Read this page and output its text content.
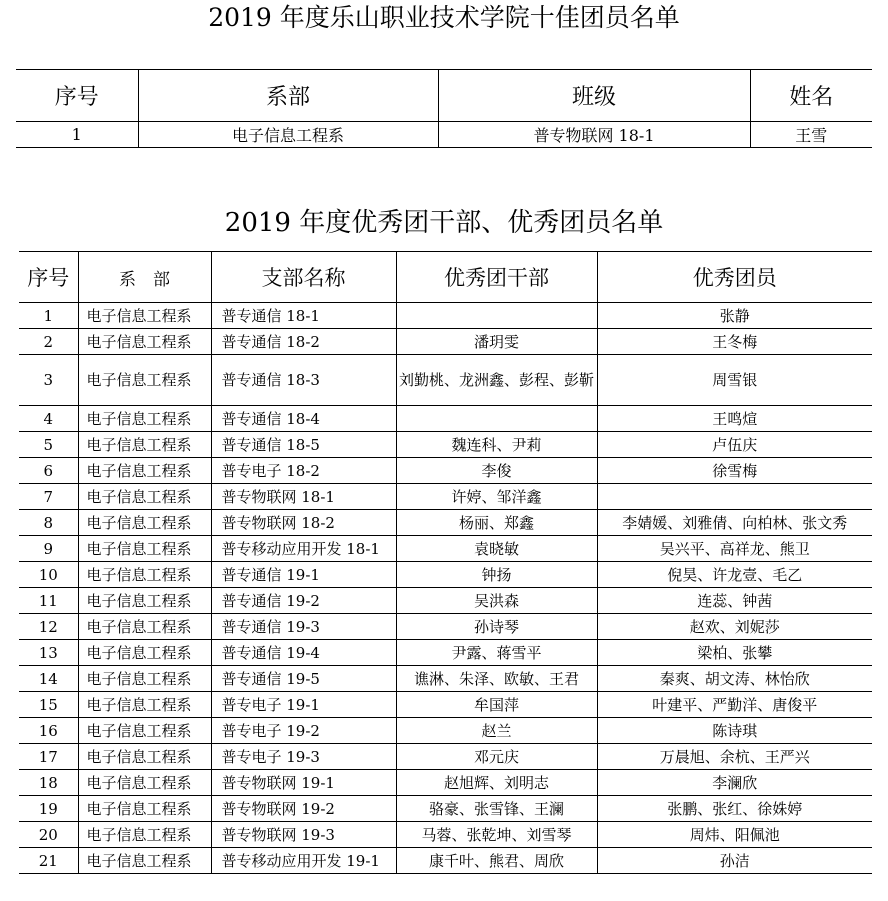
2019 年度乐山职业技术学院十佳团员名单
序号	系部	班级	姓名
1	电子信息工程系	普专物联网 18-1	王雪
2019 年度优秀团干部、优秀团员名单
序号	系　部	支部名称	优秀团干部	优秀团员
1	电子信息工程系	普专通信 18-1		张静
2	电子信息工程系	普专通信 18-2	潘玥雯	王冬梅
3	电子信息工程系	普专通信 18-3	刘勤桃、龙洲鑫、彭程、彭靳	周雪银
4	电子信息工程系	普专通信 18-4		王鸣煊
5	电子信息工程系	普专通信 18-5	魏连科、尹莉	卢伍庆
6	电子信息工程系	普专电子 18-2	李俊	徐雪梅
7	电子信息工程系	普专物联网 18-1	许婷、邹洋鑫	
8	电子信息工程系	普专物联网 18-2	杨丽、郑鑫	李婧媛、刘雅倩、向柏林、张文秀
9	电子信息工程系	普专移动应用开发 18-1	袁晓敏	吴兴平、高祥龙、熊卫
10	电子信息工程系	普专通信 19-1	钟扬	倪昊、许龙壹、毛乙
11	电子信息工程系	普专通信 19-2	吴洪森	连蕊、钟茜
12	电子信息工程系	普专通信 19-3	孙诗琴	赵欢、刘妮莎
13	电子信息工程系	普专通信 19-4	尹露、蒋雪平	梁柏、张攀
14	电子信息工程系	普专通信 19-5	谯淋、朱泽、欧敏、王君	秦爽、胡文涛、林怡欣
15	电子信息工程系	普专电子 19-1	牟国萍	叶建平、严勤洋、唐俊平
16	电子信息工程系	普专电子 19-2	赵兰	陈诗琪
17	电子信息工程系	普专电子 19-3	邓元庆	万晨旭、余杭、王严兴
18	电子信息工程系	普专物联网 19-1	赵旭辉、刘明志	李澜欣
19	电子信息工程系	普专物联网 19-2	骆豪、张雪锋、王澜	张鹏、张红、徐姝婷
20	电子信息工程系	普专物联网 19-3	马蓉、张乾坤、刘雪琴	周炜、阳佩池
21	电子信息工程系	普专移动应用开发 19-1	康千叶、熊君、周欣	孙洁
